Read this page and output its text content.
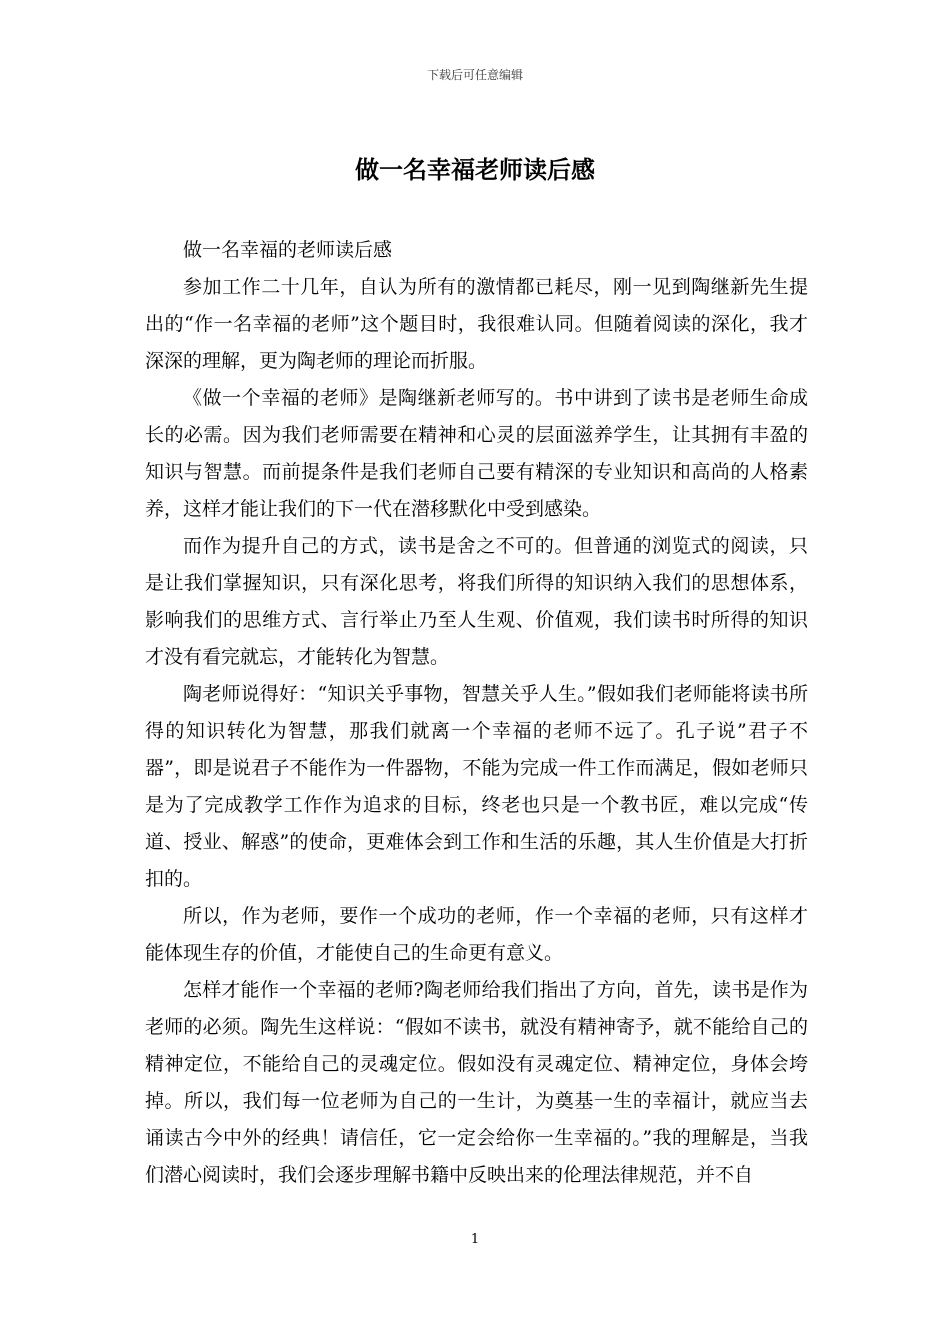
下载后可任意编辑
做一名幸福老师读后感

做一名幸福的老师读后感

参加工作二十几年，自认为所有的激情都已耗尽，刚一见到陶继新先生提出的“作一名幸福的老师”这个题目时，我很难认同。但随着阅读的深化，我才深深的理解，更为陶老师的理论而折服。

《做一个幸福的老师》是陶继新老师写的。书中讲到了读书是老师生命成长的必需。因为我们老师需要在精神和心灵的层面滋养学生，让其拥有丰盈的知识与智慧。而前提条件是我们老师自己要有精深的专业知识和高尚的人格素养，这样才能让我们的下一代在潜移默化中受到感染。

而作为提升自己的方式，读书是舍之不可的。但普通的浏览式的阅读，只是让我们掌握知识，只有深化思考，将我们所得的知识纳入我们的思想体系，影响我们的思维方式、言行举止乃至人生观、价值观，我们读书时所得的知识才没有看完就忘，才能转化为智慧。

陶老师说得好：“知识关乎事物，智慧关乎人生。”假如我们老师能将读书所得的知识转化为智慧，那我们就离一个幸福的老师不远了。孔子说”君子不器”，即是说君子不能作为一件器物，不能为完成一件工作而满足，假如老师只是为了完成教学工作作为追求的目标，终老也只是一个教书匠，难以完成“传道、授业、解惑”的使命，更难体会到工作和生活的乐趣，其人生价值是大打折扣的。

所以，作为老师，要作一个成功的老师，作一个幸福的老师，只有这样才能体现生存的价值，才能使自己的生命更有意义。

怎样才能作一个幸福的老师?陶老师给我们指出了方向，首先，读书是作为老师的必须。陶先生这样说：“假如不读书，就没有精神寄予，就不能给自己的精神定位，不能给自己的灵魂定位。假如没有灵魂定位、精神定位，身体会垮掉。所以，我们每一位老师为自己的一生计，为奠基一生的幸福计，就应当去诵读古今中外的经典！请信任，它一定会给你一生幸福的。”我的理解是，当我们潜心阅读时，我们会逐步理解书籍中反映出来的伦理法律规范，并不自

1
